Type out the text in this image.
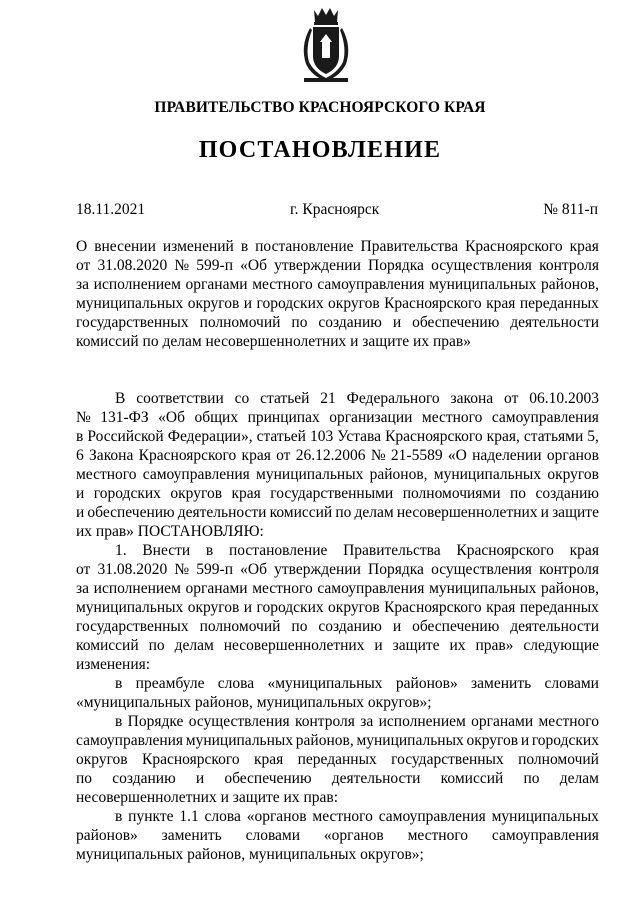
ПРАВИТЕЛЬСТВО КРАСНОЯРСКОГО КРАЯ
ПОСТАНОВЛЕНИЕ
18.11.2021	г. Красноярск	№ 811-п
О внесении изменений в постановление Правительства Красноярского края
от 31.08.2020 № 599-п «Об утверждении Порядка осуществления контроля
за исполнением органами местного самоуправления муниципальных районов,
муниципальных округов и городских округов Красноярского края переданных
государственных полномочий по созданию и обеспечению деятельности
комиссий по делам несовершеннолетних и защите их прав»
В соответствии со статьей 21 Федерального закона от 06.10.2003
№ 131-ФЗ «Об общих принципах организации местного самоуправления
в Российской Федерации», статьей 103 Устава Красноярского края, статьями 5,
6 Закона Красноярского края от 26.12.2006 № 21-5589 «О наделении органов
местного самоуправления муниципальных районов, муниципальных округов
и городских округов края государственными полномочиями по созданию
и обеспечению деятельности комиссий по делам несовершеннолетних и защите
их прав» ПОСТАНОВЛЯЮ:
1. Внести в постановление Правительства Красноярского края
от 31.08.2020 № 599-п «Об утверждении Порядка осуществления контроля
за исполнением органами местного самоуправления муниципальных районов,
муниципальных округов и городских округов Красноярского края переданных
государственных полномочий по созданию и обеспечению деятельности
комиссий по делам несовершеннолетних и защите их прав» следующие
изменения:
в преамбуле слова «муниципальных районов» заменить словами
«муниципальных районов, муниципальных округов»;
в Порядке осуществления контроля за исполнением органами местного
самоуправления муниципальных районов, муниципальных округов и городских
округов Красноярского края переданных государственных полномочий
по созданию и обеспечению деятельности комиссий по делам
несовершеннолетних и защите их прав:
в пункте 1.1 слова «органов местного самоуправления муниципальных
районов» заменить словами «органов местного самоуправления
муниципальных районов, муниципальных округов»;
